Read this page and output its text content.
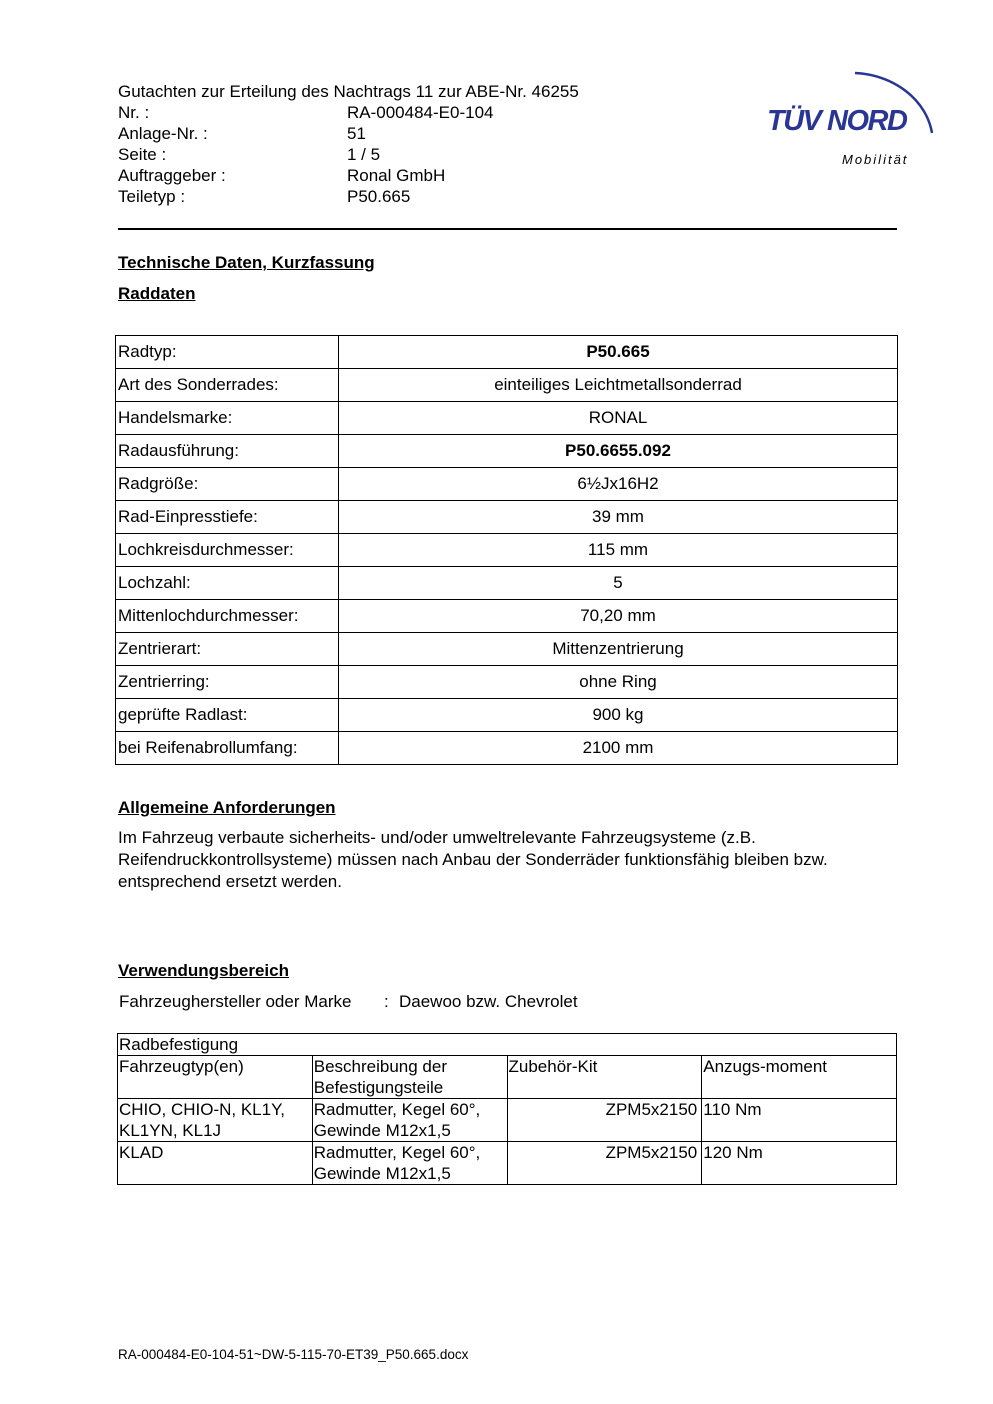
Gutachten zur Erteilung des Nachtrags 11 zur ABE-Nr. 46255
Nr. :	RA-000484-E0-104
Anlage-Nr. :	51
Seite :	1 / 5
Auftraggeber :	Ronal GmbH
Teiletyp :	P50.665
TÜV NORD
Mobilität
Technische Daten, Kurzfassung
Raddaten
Radtyp:	P50.665
Art des Sonderrades:	einteiliges Leichtmetallsonderrad
Handelsmarke:	RONAL
Radausführung:	P50.6655.092
Radgröße:	6½Jx16H2
Rad-Einpresstiefe:	39 mm
Lochkreisdurchmesser:	115 mm
Lochzahl:	5
Mittenlochdurchmesser:	70,20 mm
Zentrierart:	Mittenzentrierung
Zentrierring:	ohne Ring
geprüfte Radlast:	900 kg
bei Reifenabrollumfang:	2100 mm
Allgemeine Anforderungen
Im Fahrzeug verbaute sicherheits- und/oder umweltrelevante Fahrzeugsysteme (z.B. Reifendruckkontrollsysteme) müssen nach Anbau der Sonderräder funktionsfähig bleiben bzw. entsprechend ersetzt werden.
Verwendungsbereich
Fahrzeughersteller oder Marke : Daewoo bzw. Chevrolet
Radbefestigung			
Fahrzeugtyp(en)	Beschreibung der Befestigungsteile	Zubehör-Kit	Anzugs-moment
CHIO, CHIO-N, KL1Y, KL1YN, KL1J	Radmutter, Kegel 60°, Gewinde M12x1,5	ZPM5x2150	110 Nm
KLAD	Radmutter, Kegel 60°, Gewinde M12x1,5	ZPM5x2150	120 Nm
RA-000484-E0-104-51~DW-5-115-70-ET39_P50.665.docx
